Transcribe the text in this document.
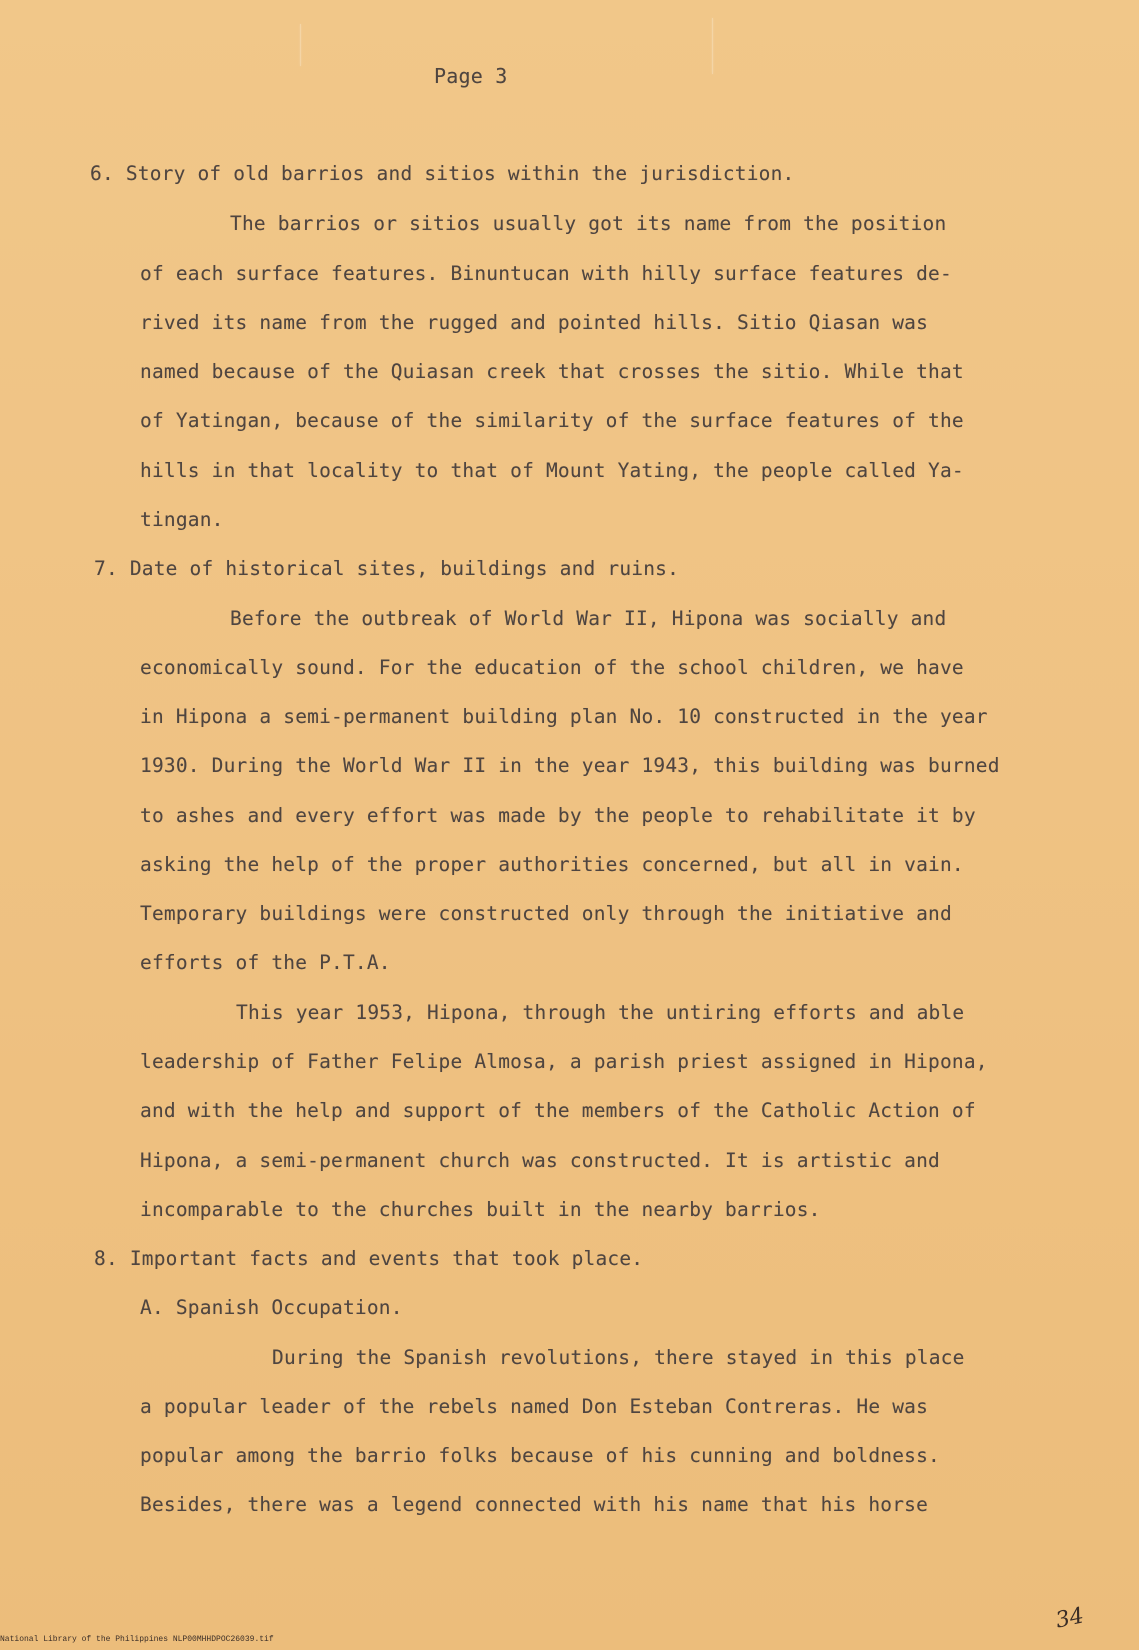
Page 3
6. Story of old barrios and sitios within the jurisdiction.
The barrios or sitios usually got its name from the position
of each surface features. Binuntucan with hilly surface features de-
rived its name from the rugged and pointed hills. Sitio Qiasan was
named because of the Quiasan creek that crosses the sitio. While that
of Yatingan, because of the similarity of the surface features of the
hills in that locality to that of Mount Yating, the people called Ya-
tingan.
7. Date of historical sites, buildings and ruins.
Before the outbreak of World War II, Hipona was socially and
economically sound. For the education of the school children, we have
in Hipona a semi-permanent building plan No. 10 constructed in the year
1930. During the World War II in the year 1943, this building was burned
to ashes and every effort was made by the people to rehabilitate it by
asking the help of the proper authorities concerned, but all in vain.
Temporary buildings were constructed only through the initiative and
efforts of the P.T.A.
This year 1953, Hipona, through the untiring efforts and able
leadership of Father Felipe Almosa, a parish priest assigned in Hipona,
and with the help and support of the members of the Catholic Action of
Hipona, a semi-permanent church was constructed. It is artistic and
incomparable to the churches built in the nearby barrios.
8. Important facts and events that took place.
A. Spanish Occupation.
During the Spanish revolutions, there stayed in this place
a popular leader of the rebels named Don Esteban Contreras. He was
popular among the barrio folks because of his cunning and boldness.
Besides, there was a legend connected with his name that his horse
National Library of the Philippines NLP00MHHDPOC26039.tif
34
